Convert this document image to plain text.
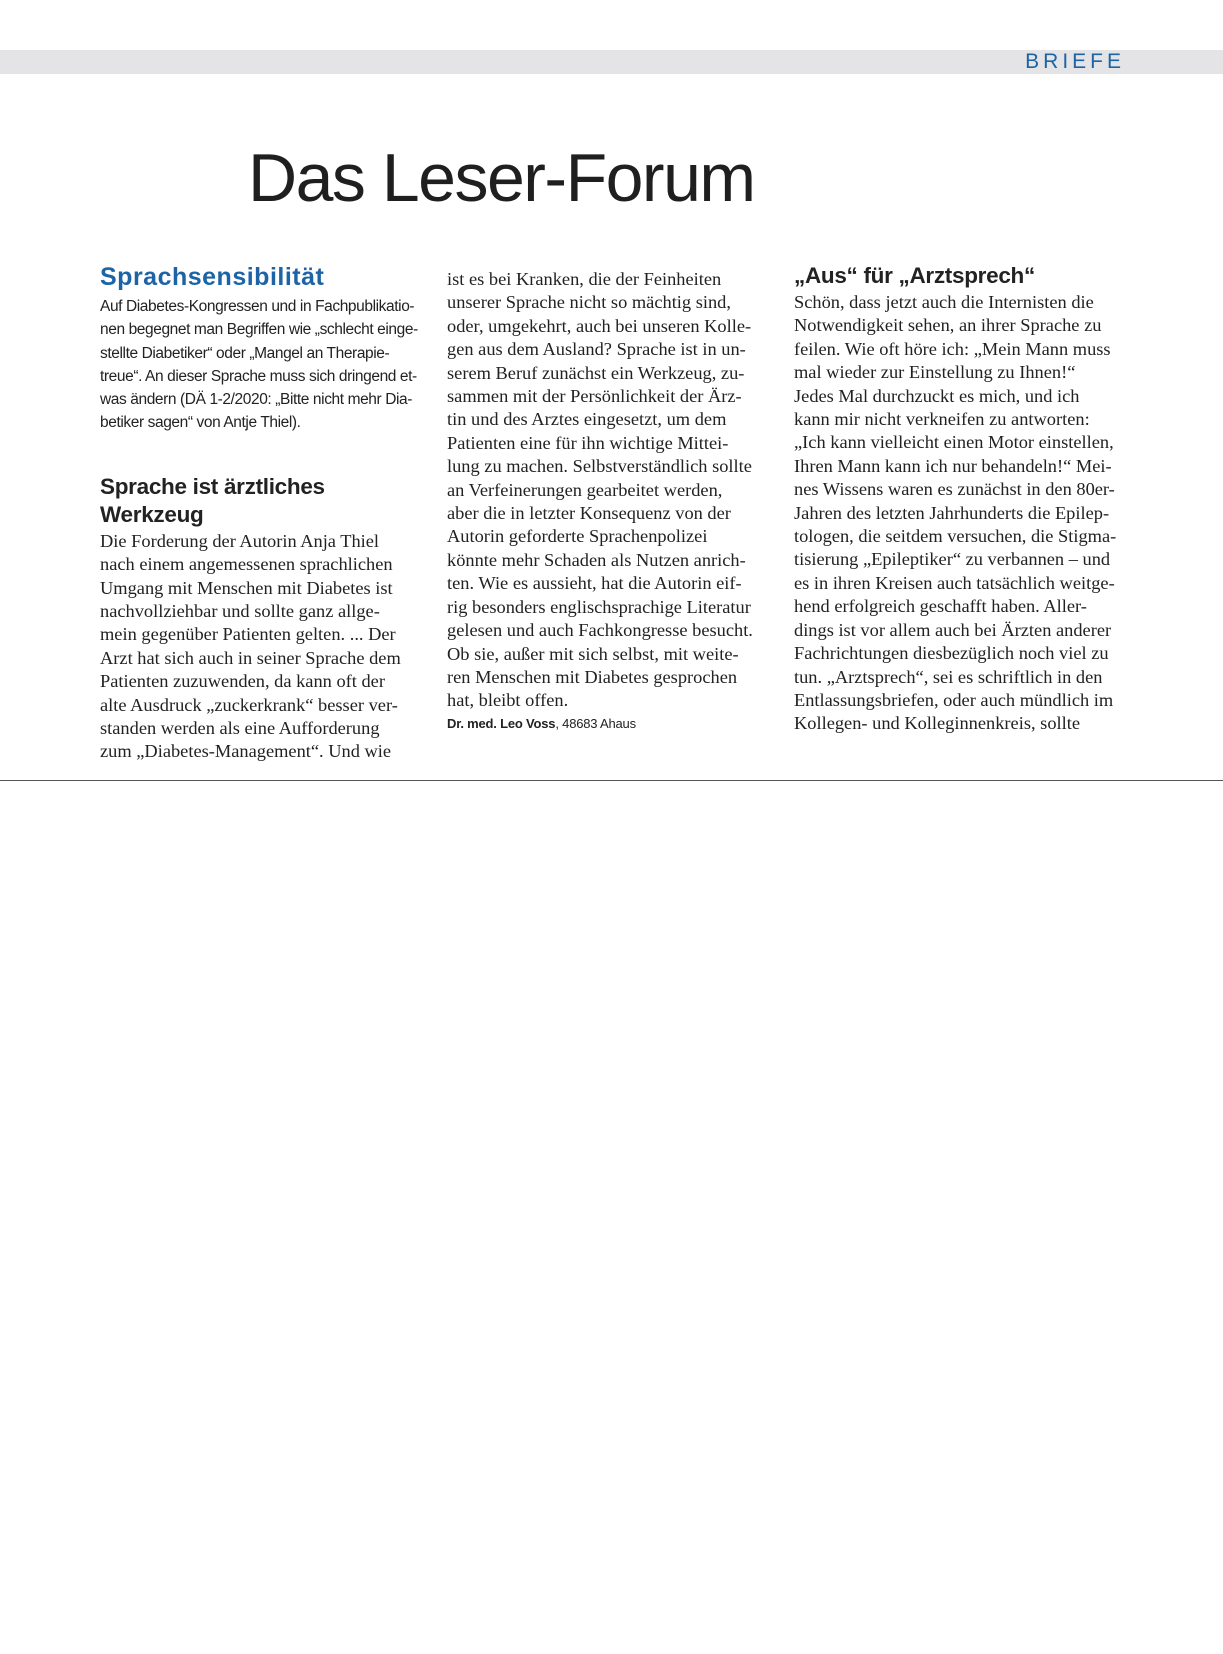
BRIEFE
Das Leser-Forum
Sprachsensibilität

Auf Diabetes-Kongressen und in Fachpublikatio-
nen begegnet man Begriffen wie „schlecht einge-
stellte Diabetiker“ oder „Mangel an Therapie-
treue“. An dieser Sprache muss sich dringend et-
was ändern (DÄ 1-2/2020: „Bitte nicht mehr Dia-
betiker sagen“ von Antje Thiel).

Sprache ist ärztliches Werkzeug

Die Forderung der Autorin Anja Thiel
nach einem angemessenen sprachlichen
Umgang mit Menschen mit Diabetes ist
nachvollziehbar und sollte ganz allge-
mein gegenüber Patienten gelten. ... Der
Arzt hat sich auch in seiner Sprache dem
Patienten zuzuwenden, da kann oft der
alte Ausdruck „zuckerkrank“ besser ver-
standen werden als eine Aufforderung
zum „Diabetes-Management“. Und wie

ist es bei Kranken, die der Feinheiten
unserer Sprache nicht so mächtig sind,
oder, umgekehrt, auch bei unseren Kolle-
gen aus dem Ausland? Sprache ist in un-
serem Beruf zunächst ein Werkzeug, zu-
sammen mit der Persönlichkeit der Ärz-
tin und des Arztes eingesetzt, um dem
Patienten eine für ihn wichtige Mittei-
lung zu machen. Selbstverständlich sollte
an Verfeinerungen gearbeitet werden,
aber die in letzter Konsequenz von der
Autorin geforderte Sprachenpolizei
könnte mehr Schaden als Nutzen anrich-
ten. Wie es aussieht, hat die Autorin eif-
rig besonders englischsprachige Literatur
gelesen und auch Fachkongresse besucht.
Ob sie, außer mit sich selbst, mit weite-
ren Menschen mit Diabetes gesprochen
hat, bleibt offen.

Dr. med. Leo Voss, 48683 Ahaus

„Aus“ für „Arztsprech“

Schön, dass jetzt auch die Internisten die
Notwendigkeit sehen, an ihrer Sprache zu
feilen. Wie oft höre ich: „Mein Mann muss
mal wieder zur Einstellung zu Ihnen!“
Jedes Mal durchzuckt es mich, und ich
kann mir nicht verkneifen zu antworten:
„Ich kann vielleicht einen Motor einstellen,
Ihren Mann kann ich nur behandeln!“ Mei-
nes Wissens waren es zunächst in den 80er-
Jahren des letzten Jahrhunderts die Epilep-
tologen, die seitdem versuchen, die Stigma-
tisierung „Epileptiker“ zu verbannen – und
es in ihren Kreisen auch tatsächlich weitge-
hend erfolgreich geschafft haben. Aller-
dings ist vor allem auch bei Ärzten anderer
Fachrichtungen diesbezüglich noch viel zu
tun. „Arztsprech“, sei es schriftlich in den
Entlassungsbriefen, oder auch mündlich im
Kollegen- und Kolleginnenkreis, sollte
